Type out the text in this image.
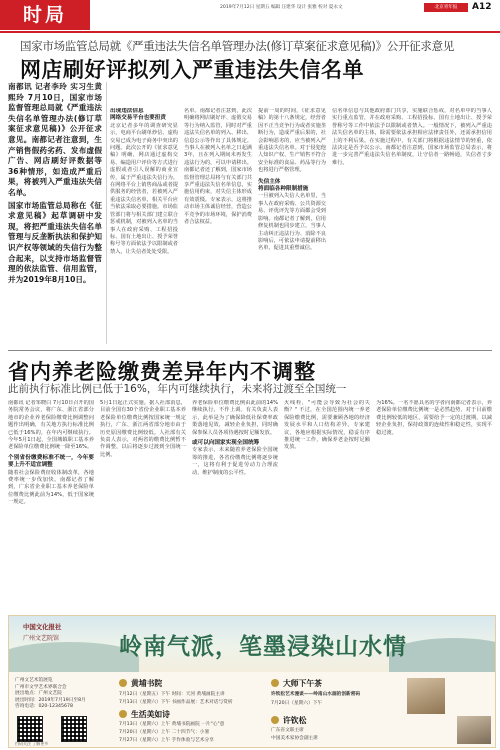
时局	2019年7月12日 星期五 编辑 汪建华 设计 张雅 校对 夏永文	北京青年报	A12
国家市场监管总局就《严重违法失信名单管理办法(修订草案征求意见稿)》公开征求意见
网店刷好评拟列入严重违法失信名单
南都讯 记者李玲 实习生黄熙玲 7月10日，国家市场监督管理总局就《严重违法失信名单管理办法(修订草案征求意见稿)》公开征求意见。南都记者注意到，生产销售假药劣药、发布虚假广告、网店刷好评数据等36种情形，如造成严重后果，将被列入严重违法失信名单。
国家市场监管总局称在《征求意见稿》起草调研中发现，将把严重违法失信名单管理与反垄断执法和保护知识产权等领域的失信行为整合起来，以支持市场监督管理的依法监管、信用监管，并为2019年8月10日。
出现违法信息
网络交易平台也要担责
北京记者多年的调查研究显示，电商平台刷单炒信、虚构交易已成为电子商务中突出的问题。此次公开的《征求意见稿》明确，网店通过虚构交易、编造用户评价等方式进行虚假或者引人误解的商业宣传，属于严重违法失信行为。在网络平台上销售商品或者提供服务的经营者，若被列入严重违法失信名单，相关平台应当依法采取必要措施。市场监管部门将与相关部门建立联合惩戒机制，对被列入名单的当事人在政府采购、工程招投标、国有土地出让、授予荣誉称号等方面依法予以限制或者禁入，让失信者处处受限。
名单。南都记者注意到，此次明确将网店刷好评、虚假交易等行为纳入监管，同时对严重违法失信名单的列入、移出、信息公示等作出了具体规定。当事人在被列入名单之日起满3年，且在列入期间未再发生违法行为的，可以申请移出。南都记者还了解到，国家市场监督管理总局将与有关部门共享严重违法失信名单信息，实施信用约束，对失信主体形成有效震慑。专家表示，这将推动市场主体诚信经营，营造公平竞争的市场环境，保护消费者合法权益。
提前一周的时间，《征求意见稿》的第十八条规定，经营者因不正当竞争行为或者实施垄断行为，造成严重后果的，社会影响恶劣的，应当被列入严重违法失信名单。对于侵犯他人知识产权、生产销售不符合安全标准的食品、药品等行为也将进行严格管理。
失信主体
将面临各种限制措施
一旦被列入失信人名单里，当事人在政府采购、公共资源交易、评优评先等方面都会受到影响。南都记者了解到，信用修复机制也同步建立，当事人主动纠正违法行为、消除不良影响后，可依法申请提前移出名单，促进其重塑诚信。
信名单信息与其他政府部门共享，实施联合惩戒，对名单中的当事人实行重点监管，并在政府采购、工程招投标、国有土地出让、授予荣誉称号等工作中依法予以限制或者禁入。一般情况下，被列入严重违法失信名单的主体，除需要依法承担相应法律责任外，还需承担信用上的不利后果。在实施过程中，有关部门将根据违法情节的轻重，依法决定是否予以公示。南都记者注意到，国家市场监管总局表示，将进一步完善严重违法失信名单制度，让守信者一路畅通，失信者寸步难行。
省内养老险缴费差异年内不调整
此前执行标准比例已低于16%，年内可继续执行，未来将过渡至全国统一
南都讯 记者邹晓白 7月10日召开的国务院常务会议，将广东、浙江省部分地市的企业养老保险缴费比例调整问题作出明确，有关地方执行标准比例已低于16%的，在年内可继续执行。今年5月1日起，全国城镇职工基本养老保险单位缴费比例统一降至16%。
个别省份缴费标准不统一，今年要要上升不适宜调整
随着社会保险费征收体制改革，各地费率统一步伐加快。南都记者了解到，广东省企业职工基本养老保险单位缴费比例此前为14%，低于国家统一规定。
5月1日起正式实施。据人社部消息，目前全国有30个省份企业职工基本养老保险单位缴费比例按国家统一规定执行，广东、浙江两省部分地市由于历史原因缴费比例较低。人社部有关负责人表示，对两省的缴费比例暂不作调整，以后将逐步过渡到全国统一比例。
养老保险单位缴费比例由此前的14%继续执行，不作上调。有关负责人表示，此举是为了确保降低社保费率政策落地见效，减轻企业负担，同时确保参保人员各项待遇按时足额发放。
或可以向国家实现全国统筹
专家表示，未来随着养老保险全国统筹的推进，各省份缴费比例将逐步统一，这将有利于促进劳动力合理流动，维护制度的公平性。
火线栓，"可能会导致为社会的失衡？" 不过，在全国范围内统一养老保险缴费比例，需要兼顾各地的经济发展水平和人口结构差异。专家建议，各地应根据实际情况，稳妥有序推进统一工作，确保养老金按时足额发放。
为16%。一名不愿具名的学者向南都记者表示，养老保险单位缴费比例统一是必然趋势，对于目前缴费比例较低的地区，需要给予一定的过渡期，以减轻企业负担，保持政策的连续性和稳定性，实现平稳过渡。
中国文化报社
广州文艺院馆	岭南气派，笔墨浸染山水情
广州文艺术馆展览
广州市文学艺术界联合会
展出地点：广州文艺院
展出时间：2019年7月19日至8月
咨询电话：020-12345678
扫码关注 了解更多
黄埔书院
7月12日（星期五）下午 时间：天河 黄埔画院主讲
7月13日（星期六）下午 书画作品展：艺术对话与赏析
生活美如诗
7月13日（星期六）上午 黄埔书院画院 一片"心"意
7月20日（星期六）上午 二十四节气：小暑
7月27日（星期六）上午 手作体验与艺术分享
大师下午茶
许钦松艺术漫谈——岭南山水画的创新密码
7月20日（星期六）下午
许钦松
广东省文联主席
中国美术家协会副主席	广东
